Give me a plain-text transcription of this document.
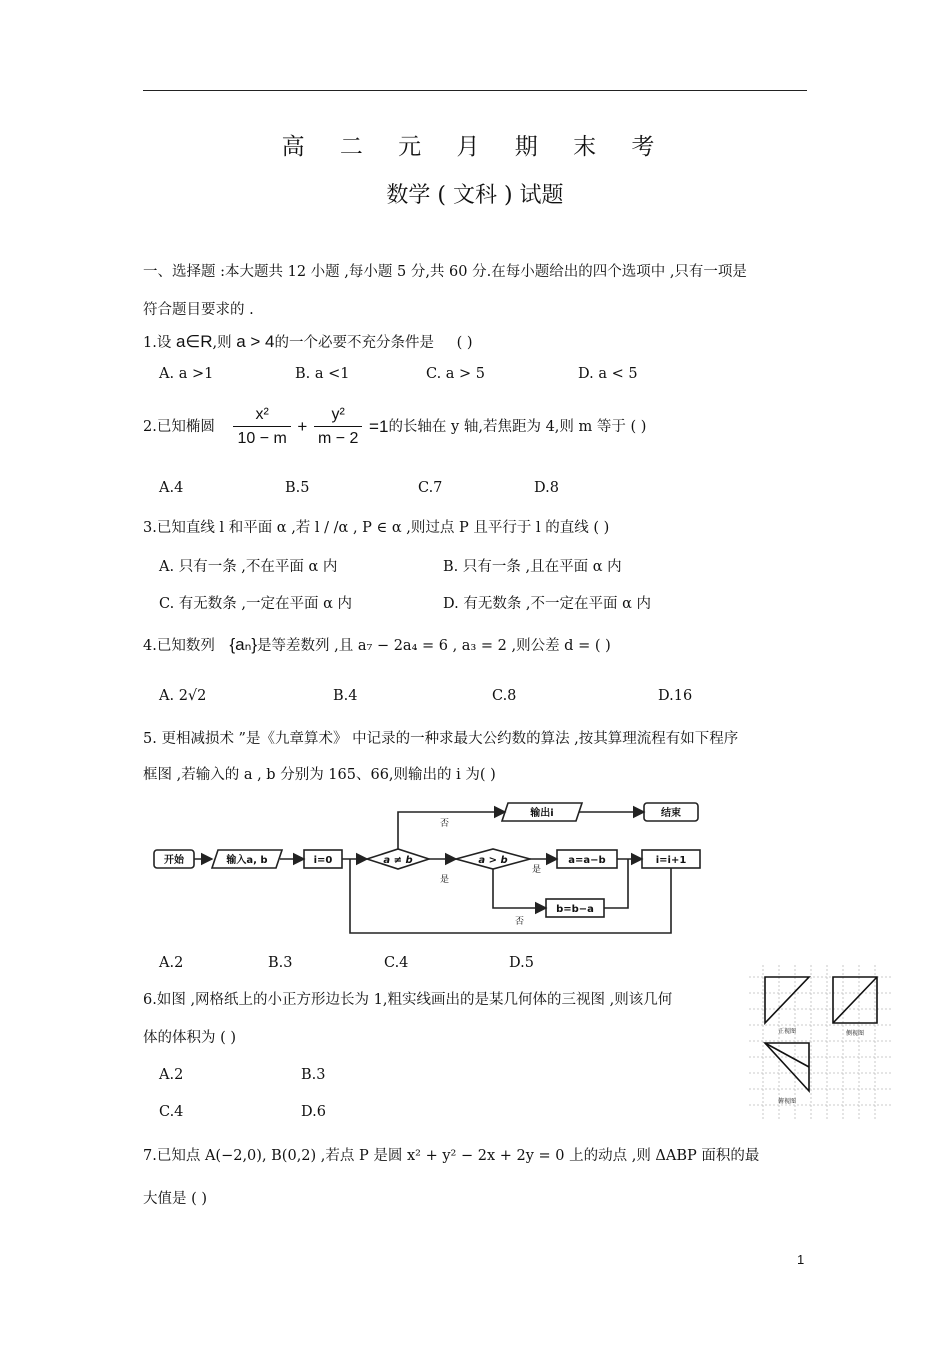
高 二 元 月 期 末 考
数学 ( 文科 ) 试题
一、选择题 :本大题共 12 小题 ,每小题 5 分,共 60 分.在每小题给出的四个选项中 ,只有一项是
符合题目要求的 .
1.设 a∈R,则 a > 4的一个必要不充分条件是 ( )
A. a >1	B. a <1	C. a > 5	D. a < 5
2.已知椭圆 $\frac{\text{x²}}{10 - m} + \frac{\text{y²}}{m - 2} =1$的长轴在 y 轴,若焦距为 4,则 m 等于 ( )
A.4	B.5	C.7	D.8
3.已知直线 l 和平面 α ,若 l / /α , P ∈ α ,则过点 P 且平行于 l 的直线 ( )
A. 只有一条 ,不在平面 α 内	B. 只有一条 ,且在平面 α 内
C. 有无数条 ,一定在平面 α 内	D. 有无数条 ,不一定在平面 α 内
4.已知数列 {aₙ}是等差数列 ,且 a₇ − 2a₄ = 6 , a₃ = 2 ,则公差 d = ( )
A. 2√2	B.4	C.8	D.16
5. 更相减损术 ”是《九章算术》 中记录的一种求最大公约数的算法 ,按其算理流程有如下程序
框图 ,若输入的 a , b 分别为 165、66,则输出的 i 为( )
开始	输入a, b	i=0	a ≠ b	a > b	a=a−b	i=i+1
b=b−a
输出i	结束
是
否
是
否
A.2	B.3	C.4	D.5
6.如图 ,网格纸上的小正方形边长为 1,粗实线画出的是某几何体的三视图 ,则该几何
体的体积为 ( )	正视图	侧视图
俯视图
A.2	B.3
C.4	D.6
7.已知点 A(−2,0), B(0,2) ,若点 P 是圆 x² + y² − 2x + 2y = 0 上的动点 ,则 ΔABP 面积的最
大值是 ( )
1
